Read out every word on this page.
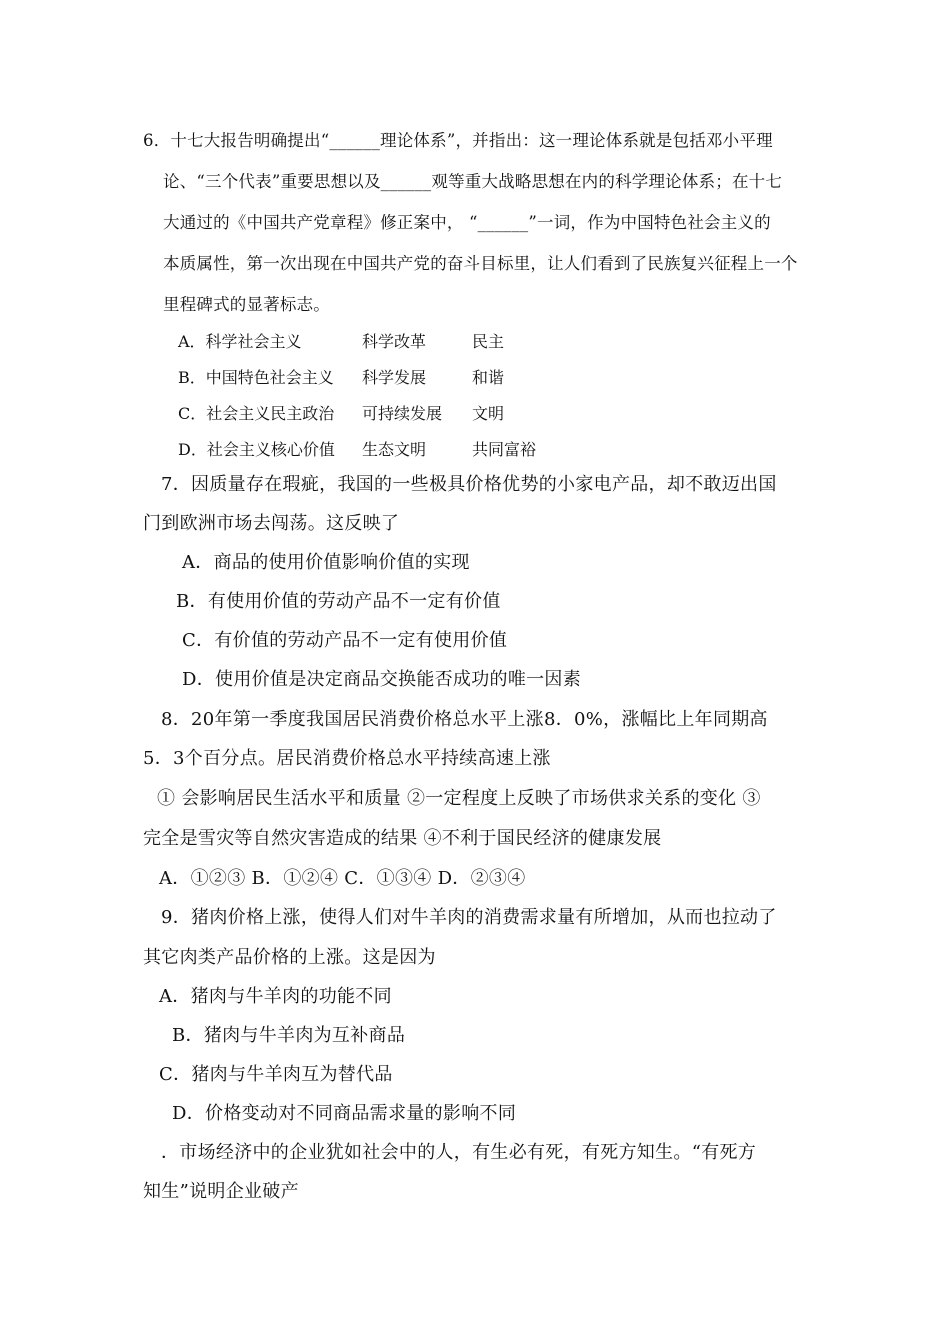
6．十七大报告明确提出“______理论体系”，并指出：这一理论体系就是包括邓小平理

论、“三个代表”重要思想以及______观等重大战略思想在内的科学理论体系；在十七

大通过的《中国共产党章程》修正案中， “______”一词，作为中国特色社会主义的

本质属性，第一次出现在中国共产党的奋斗目标里，让人们看到了民族复兴征程上一个

里程碑式的显著标志。

A．科学社会主义	科学改革	民主
B．中国特色社会主义 科学发展	和谐
C．社会主义民主政治 可持续发展 文明
D．社会主义核心价值 生态文明	共同富裕

7．因质量存在瑕疵，我国的一些极具价格优势的小家电产品，却不敢迈出国

门到欧洲市场去闯荡。这反映了

A．商品的使用价值影响价值的实现

B．有使用价值的劳动产品不一定有价值

C．有价值的劳动产品不一定有使用价值

D．使用价值是决定商品交换能否成功的唯一因素

8．20年第一季度我国居民消费价格总水平上涨8．0%，涨幅比上年同期高

5．3个百分点。居民消费价格总水平持续高速上涨

① 会影响居民生活水平和质量 ②一定程度上反映了市场供求关系的变化 ③

完全是雪灾等自然灾害造成的结果 ④不利于国民经济的健康发展

A．①②③ B．①②④ C．①③④ D．②③④

9．猪肉价格上涨，使得人们对牛羊肉的消费需求量有所增加，从而也拉动了

其它肉类产品价格的上涨。这是因为

A．猪肉与牛羊肉的功能不同

B．猪肉与牛羊肉为互补商品

C．猪肉与牛羊肉互为替代品

D．价格变动对不同商品需求量的影响不同

．市场经济中的企业犹如社会中的人，有生必有死，有死方知生。“有死方

知生”说明企业破产
